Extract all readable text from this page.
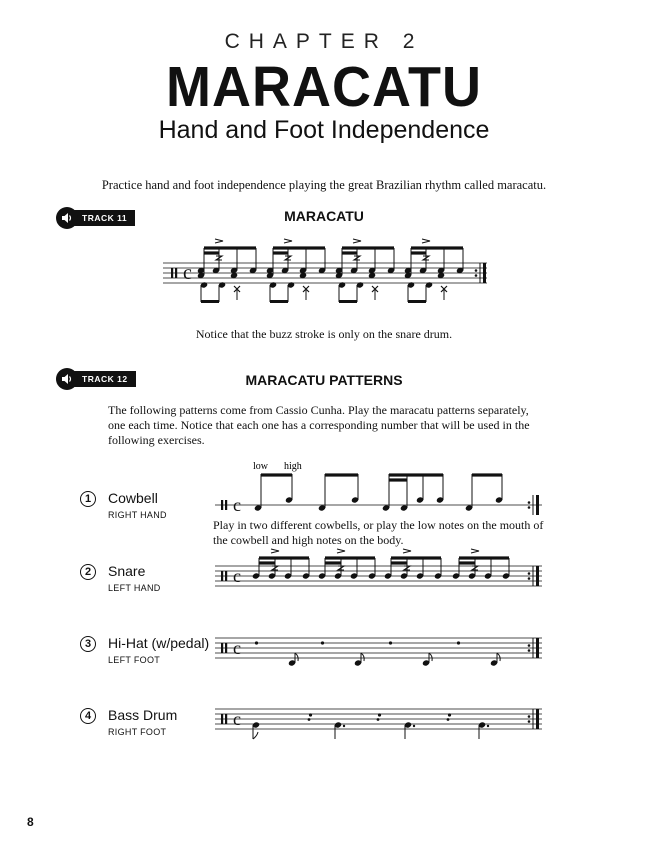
CHAPTER 2
MARACATU
Hand and Foot Independence
Practice hand and foot independence playing the great Brazilian rhythm called maracatu.
TRACK 11	MARACATU
c
Notice that the buzz stroke is only on the snare drum.
TRACK 12	MARACATU PATTERNS
The following patterns come from Cassio Cunha. Play the maracatu patterns separately,
one each time. Notice that each one has a corresponding number that will be used in the
following exercises.
1	Cowbell
RIGHT HAND
2	Snare
LEFT HAND
3	Hi-Hat (w/pedal)
LEFT FOOT
4	Bass Drum
RIGHT FOOT
Play in two different cowbells, or play the low notes on the mouth of
the cowbell and high notes on the body.
low high
c
c
c
c
8
